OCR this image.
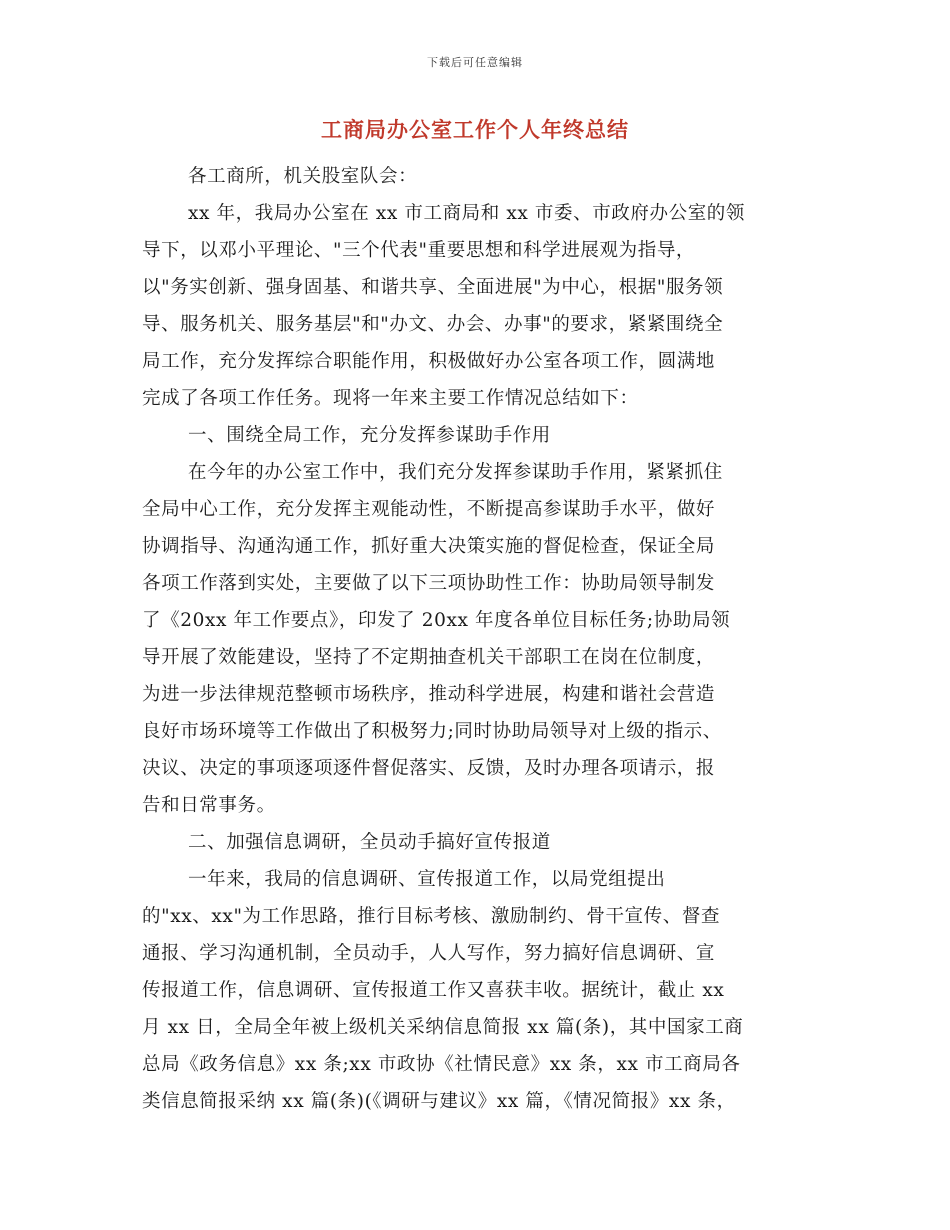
下载后可任意编辑
工商局办公室工作个人年终总结
各工商所，机关股室队会：
xx 年，我局办公室在 xx 市工商局和 xx 市委、市政府办公室的领
导下，以邓小平理论、"三个代表"重要思想和科学进展观为指导，
以"务实创新、强身固基、和谐共享、全面进展"为中心，根据"服务领
导、服务机关、服务基层"和"办文、办会、办事"的要求，紧紧围绕全
局工作，充分发挥综合职能作用，积极做好办公室各项工作，圆满地
完成了各项工作任务。现将一年来主要工作情况总结如下：
一、围绕全局工作，充分发挥参谋助手作用
在今年的办公室工作中，我们充分发挥参谋助手作用，紧紧抓住
全局中心工作，充分发挥主观能动性，不断提高参谋助手水平，做好
协调指导、沟通沟通工作，抓好重大决策实施的督促检查，保证全局
各项工作落到实处，主要做了以下三项协助性工作：协助局领导制发
了《20xx 年工作要点》，印发了 20xx 年度各单位目标任务;协助局领
导开展了效能建设，坚持了不定期抽查机关干部职工在岗在位制度，
为进一步法律规范整顿市场秩序，推动科学进展，构建和谐社会营造
良好市场环境等工作做出了积极努力;同时协助局领导对上级的指示、
决议、决定的事项逐项逐件督促落实、反馈，及时办理各项请示，报
告和日常事务。
二、加强信息调研，全员动手搞好宣传报道
一年来，我局的信息调研、宣传报道工作，以局党组提出
的"xx、xx"为工作思路，推行目标考核、激励制约、骨干宣传、督查
通报、学习沟通机制，全员动手，人人写作，努力搞好信息调研、宣
传报道工作，信息调研、宣传报道工作又喜获丰收。据统计，截止 xx
月 xx 日，全局全年被上级机关采纳信息简报 xx 篇(条)，其中国家工商
总局《政务信息》xx 条;xx 市政协《社情民意》xx 条，xx 市工商局各
类信息简报采纳 xx 篇(条)(《调研与建议》xx 篇，《情况简报》xx 条，
